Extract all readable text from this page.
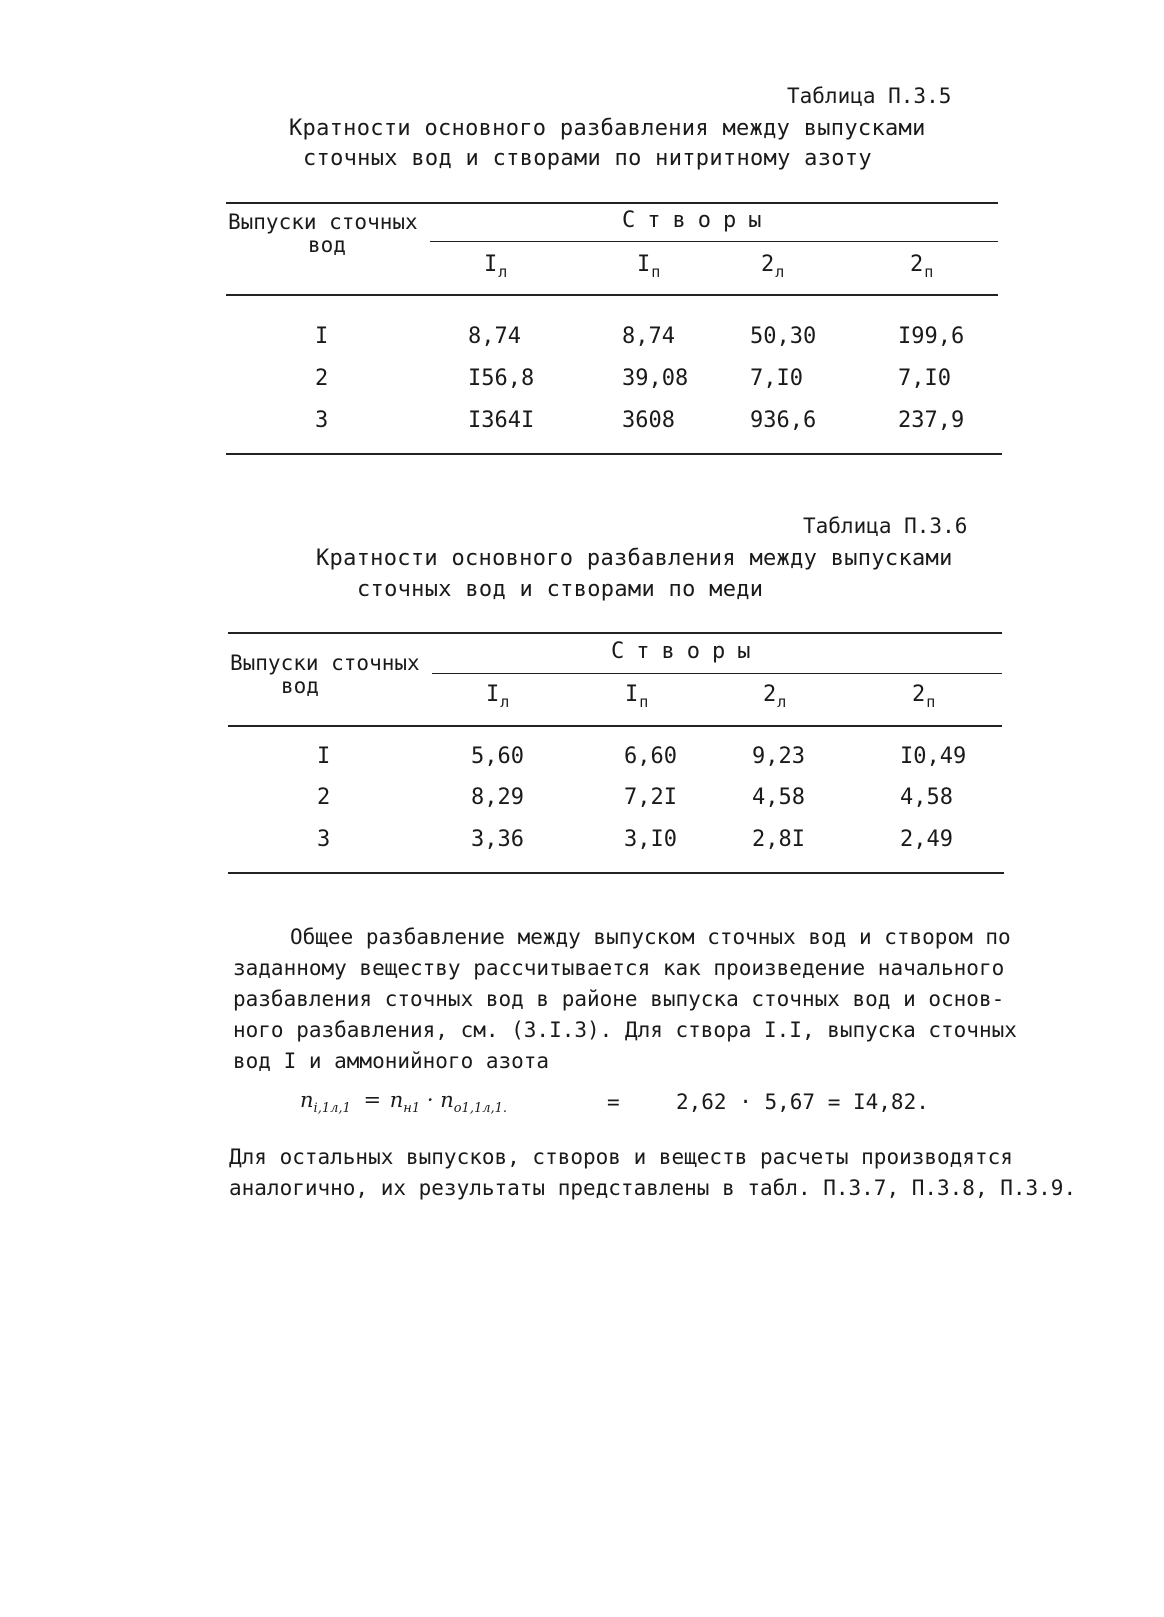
Таблица П.3.5
Кратности основного разбавления между выпусками
сточных вод и створами по нитритному азоту
Выпуски сточных
вод
Створы
$I_л$	$I_п$	$2_л$	$2_п$
I	8,74	8,74	50,30	I99,6
2	I56,8	39,08	7,I0	7,I0
3	I364I	3608	936,6	237,9
Таблица П.3.6
Кратности основного разбавления между выпусками
сточных вод и створами по меди
Выпуски сточных
вод
Створы
$I_л$	$I_п$	$2_л$	$2_п$
I	5,60	6,60	9,23	I0,49
2	8,29	7,2I	4,58	4,58
3	3,36	3,I0	2,8I	2,49
Общее разбавление между выпуском сточных вод и створом по
заданному веществу рассчитывается как произведение начального
разбавления сточных вод в районе выпуска сточных вод и основ-
ного разбавления, см. (3.I.3). Для створа I.I, выпуска сточных
вод I и аммонийного азота
$n_{i,1л,1} = n_{н1} \cdot n_{о1,1л,1.}$	=	2,62 · 5,67 = I4,82.
Для остальных выпусков, створов и веществ расчеты производятся
аналогично, их результаты представлены в табл. П.3.7, П.3.8, П.3.9.
